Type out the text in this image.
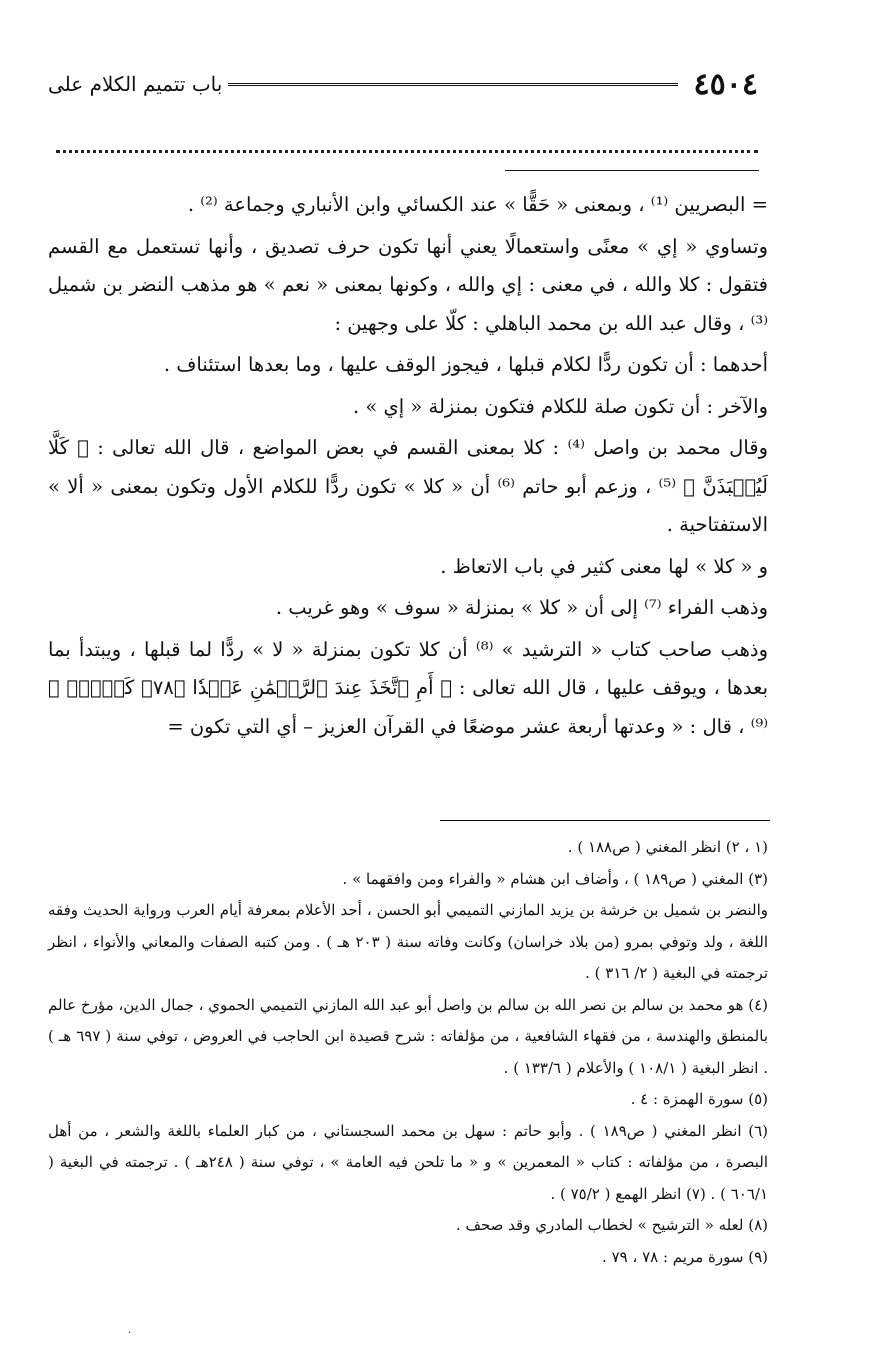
٤٥٠٤
باب تتميم الكلام على

= البصريين ⁽¹⁾ ، وبمعنى « حَقًّا » عند الكسائي وابن الأنباري وجماعة ⁽²⁾ .

وتساوي « إي » معنًى واستعمالًا يعني أنها تكون حرف تصديق ، وأنها تستعمل مع القسم فتقول : كلا والله ، في معنى : إي والله ، وكونها بمعنى « نعم » هو مذهب النضر بن شميل ⁽³⁾ ، وقال عبد الله بن محمد الباهلي : كلّا على وجهين :

أحدهما : أن تكون ردًّا لكلام قبلها ، فيجوز الوقف عليها ، وما بعدها استئناف .

والآخر : أن تكون صلة للكلام فتكون بمنزلة « إي » .

وقال محمد بن واصل ⁽⁴⁾ : كلا بمعنى القسم في بعض المواضع ، قال الله تعالى : ﴿ كَلَّا لَيُنۢبَذَنَّ ﴾ ⁽⁵⁾ ، وزعم أبو حاتم ⁽⁶⁾ أن « كلا » تكون ردًّا للكلام الأول وتكون بمعنى « ألا » الاستفتاحية .

و « كلا » لها معنى كثير في باب الاتعاظ .

وذهب الفراء ⁽⁷⁾ إلى أن « كلا » بمنزلة « سوف » وهو غريب .

وذهب صاحب كتاب « الترشيد » ⁽⁸⁾ أن كلا تكون بمنزلة « لا » ردًّا لما قبلها ، ويبتدأ بما بعدها ، ويوقف عليها ، قال الله تعالى : ﴿ أَمِ ٱتَّخَذَ عِندَ ٱلرَّحۡمَٰنِ عَهۡدٗا ﴿٧٨﴾ كَلَّاۚ ﴾ ⁽⁹⁾ ، قال : « وعدتها أربعة عشر موضعًا في القرآن العزيز – أي التي تكون =

(١ ، ٢) انظر المغني ( ص١٨٨ ) .

(٣) المغني ( ص١٨٩ ) ، وأضاف ابن هشام « والفراء ومن وافقهما » .

والنضر بن شميل بن خرشة بن يزيد المازني التميمي أبو الحسن ، أحد الأعلام بمعرفة أيام العرب ورواية الحديث وفقه اللغة ، ولد وتوفي بمرو (من بلاد خراسان) وكانت وفاته سنة ( ٢٠٣ هـ ) . ومن كتبه الصفات والمعاني والأنواء ، انظر ترجمته في البغية ( ٢/ ٣١٦ ) .

(٤) هو محمد بن سالم بن نصر الله بن سالم بن واصل أبو عبد الله المازني التميمي الحموي ، جمال الدين، مؤرخ عالم بالمنطق والهندسة ، من فقهاء الشافعية ، من مؤلفاته : شرح قصيدة ابن الحاجب في العروض ، توفي سنة ( ٦٩٧ هـ ) . انظر البغية ( ١٠٨/١ ) والأعلام ( ١٣٣/٦ ) .

(٥) سورة الهمزة : ٤ .

(٦) انظر المغني ( ص١٨٩ ) . وأبو حاتم : سهل بن محمد السجستاني ، من كبار العلماء باللغة والشعر ، من أهل البصرة ، من مؤلفاته : كتاب « المعمرين » و « ما تلحن فيه العامة » ، توفي سنة ( ٢٤٨هـ ) . ترجمته في البغية ( ٦٠٦/١ ) . (٧) انظر الهمع ( ٧٥/٢ ) .

(٨) لعله « الترشيح » لخطاب المادري وقد صحف .

(٩) سورة مريم : ٧٨ ، ٧٩ .

·
